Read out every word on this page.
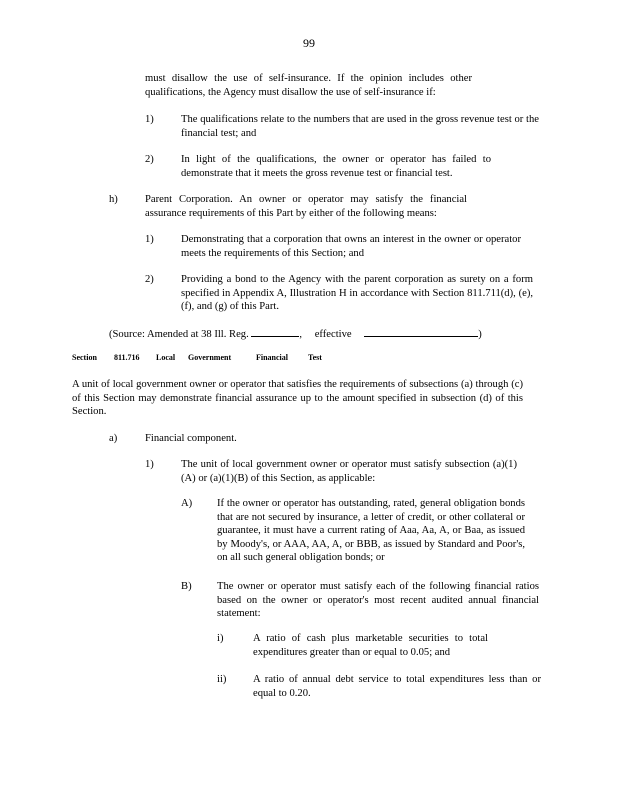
99
must disallow the use of self-insurance. If the opinion includes other qualifications, the Agency must disallow the use of self-insurance if:
1)	The qualifications relate to the numbers that are used in the gross revenue test or the financial test; and
2)	In light of the qualifications, the owner or operator has failed to demonstrate that it meets the gross revenue test or financial test.
h)	Parent Corporation. An owner or operator may satisfy the financial assurance requirements of this Part by either of the following means:
1)	Demonstrating that a corporation that owns an interest in the owner or operator meets the requirements of this Section; and
2)	Providing a bond to the Agency with the parent corporation as surety on a form specified in Appendix A, Illustration H in accordance with Section 811.711(d), (e), (f), and (g) of this Part.
(Source: Amended at 38 Ill. Reg.	, effective	)
Section 811.716 Local Government	Financial Test
A unit of local government owner or operator that satisfies the requirements of subsections (a) through (c) of this Section may demonstrate financial assurance up to the amount specified in subsection (d) of this Section.
a)	Financial component.
1)	The unit of local government owner or operator must satisfy subsection (a)(1)(A) or (a)(1)(B) of this Section, as applicable:
A) If the owner or operator has outstanding, rated, general obligation bonds that are not secured by insurance, a letter of credit, or other collateral or guarantee, it must have a current rating of Aaa, Aa, A, or Baa, as issued by Moody's, or AAA, AA, A, or BBB, as issued by Standard and Poor's, on all such general obligation bonds; or
B) The owner or operator must satisfy each of the following financial ratios based on the owner or operator's most recent audited annual financial statement:
i)	A ratio of cash plus marketable securities to total expenditures greater than or equal to 0.05; and
ii)	A ratio of annual debt service to total expenditures less than or equal to 0.20.
